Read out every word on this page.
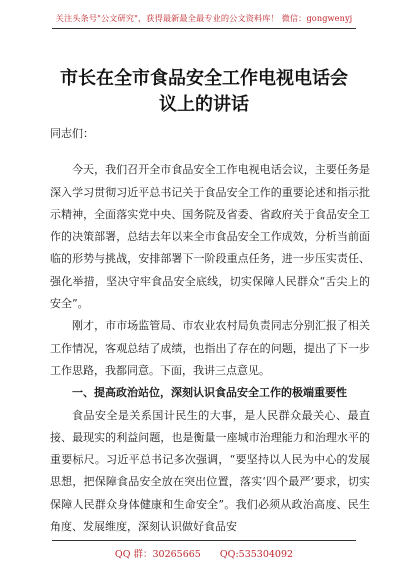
关注头条号"公文研究"，获得最新最全最专业的公文资料库！ 微信：gongwenyj
市长在全市食品安全工作电视电话会议上的讲话

同志们：

今天，我们召开全市食品安全工作电视电话会议，主要任务是深入学习贯彻习近平总书记关于食品安全工作的重要论述和指示批示精神，全面落实党中央、国务院及省委、省政府关于食品安全工作的决策部署，总结去年以来全市食品安全工作成效，分析当前面临的形势与挑战，安排部署下一阶段重点任务，进一步压实责任、强化举措，坚决守牢食品安全底线，切实保障人民群众“舌尖上的安全”。

刚才，市市场监管局、市农业农村局负责同志分别汇报了相关工作情况，客观总结了成绩，也指出了存在的问题，提出了下一步工作思路，我都同意。下面，我讲三点意见。

一、提高政治站位，深刻认识食品安全工作的极端重要性

食品安全是关系国计民生的大事，是人民群众最关心、最直接、最现实的利益问题，也是衡量一座城市治理能力和治理水平的重要标尺。习近平总书记多次强调，“要坚持以人民为中心的发展思想，把保障食品安全放在突出位置，落实‘四个最严’要求，切实保障人民群众身体健康和生命安全”。我们必须从政治高度、民生角度、发展维度，深刻认识做好食品安

QQ 群：30265665 QQ:535304092
